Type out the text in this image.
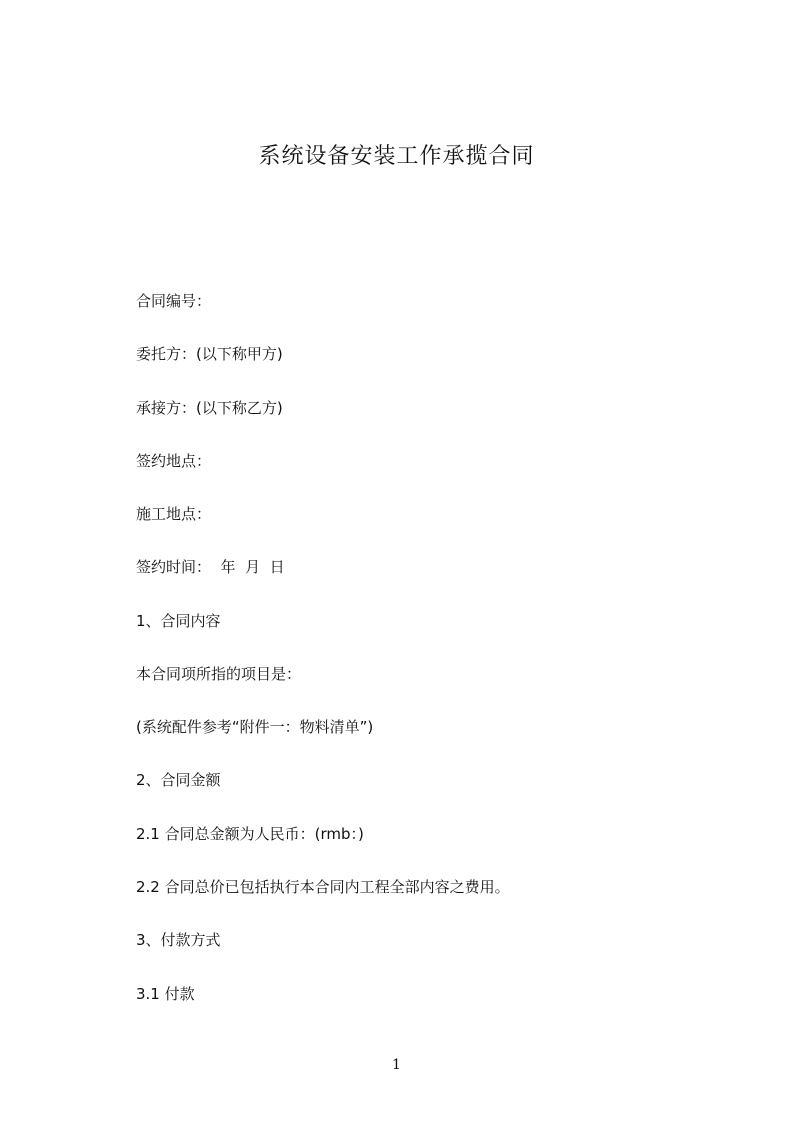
系统设备安装工作承揽合同
合同编号：
委托方：(以下称甲方)
承接方：(以下称乙方)
签约地点：
施工地点：
签约时间：  年  月  日
1、合同内容
本合同项所指的项目是：
(系统配件参考“附件一：物料清单”)
2、合同金额
2.1 合同总金额为人民币：(rmb：)
2.2 合同总价已包括执行本合同内工程全部内容之费用。
3、付款方式
3.1 付款
1
